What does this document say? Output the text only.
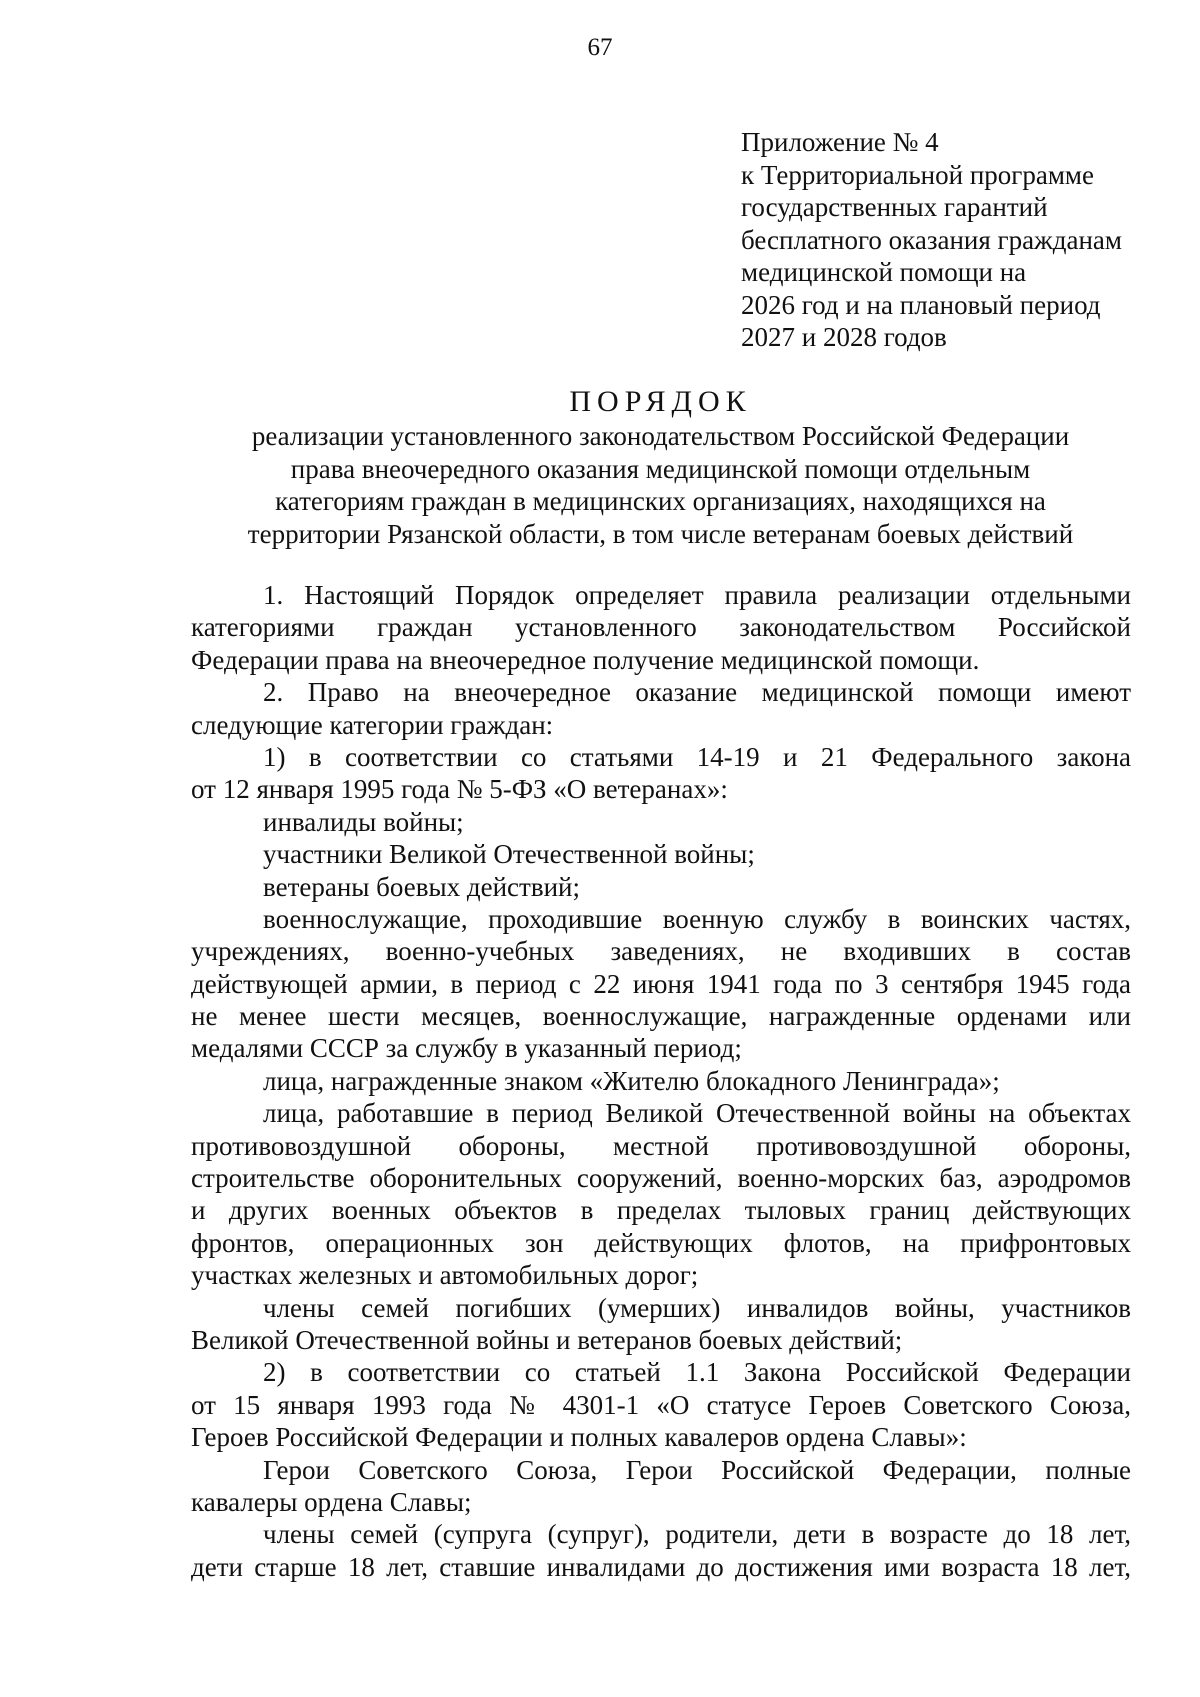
67
Приложение № 4
к Территориальной программе
государственных гарантий
бесплатного оказания гражданам
медицинской помощи на
2026 год и на плановый период
2027 и 2028 годов
ПОРЯДОК
реализации установленного законодательством Российской Федерации
права внеочередного оказания медицинской помощи отдельным
категориям граждан в медицинских организациях, находящихся на
территории Рязанской области, в том числе ветеранам боевых действий
1. Настоящий Порядок определяет правила реализации отдельными
категориями граждан установленного законодательством Российской
Федерации права на внеочередное получение медицинской помощи.
2. Право на внеочередное оказание медицинской помощи имеют
следующие категории граждан:
1) в соответствии со статьями 14-19 и 21 Федерального закона
от 12 января 1995 года № 5-ФЗ «О ветеранах»:
инвалиды войны;
участники Великой Отечественной войны;
ветераны боевых действий;
военнослужащие, проходившие военную службу в воинских частях,
учреждениях, военно-учебных заведениях, не входивших в состав
действующей армии, в период с 22 июня 1941 года по 3 сентября 1945 года
не менее шести месяцев, военнослужащие, награжденные орденами или
медалями СССР за службу в указанный период;
лица, награжденные знаком «Жителю блокадного Ленинграда»;
лица, работавшие в период Великой Отечественной войны на объектах
противовоздушной обороны, местной противовоздушной обороны,
строительстве оборонительных сооружений, военно-морских баз, аэродромов
и других военных объектов в пределах тыловых границ действующих
фронтов, операционных зон действующих флотов, на прифронтовых
участках железных и автомобильных дорог;
члены семей погибших (умерших) инвалидов войны, участников
Великой Отечественной войны и ветеранов боевых действий;
2) в соответствии со статьей 1.1 Закона Российской Федерации
от 15 января 1993 года № 4301-1 «О статусе Героев Советского Союза,
Героев Российской Федерации и полных кавалеров ордена Славы»:
Герои Советского Союза, Герои Российской Федерации, полные
кавалеры ордена Славы;
члены семей (супруга (супруг), родители, дети в возрасте до 18 лет,
дети старше 18 лет, ставшие инвалидами до достижения ими возраста 18 лет,
